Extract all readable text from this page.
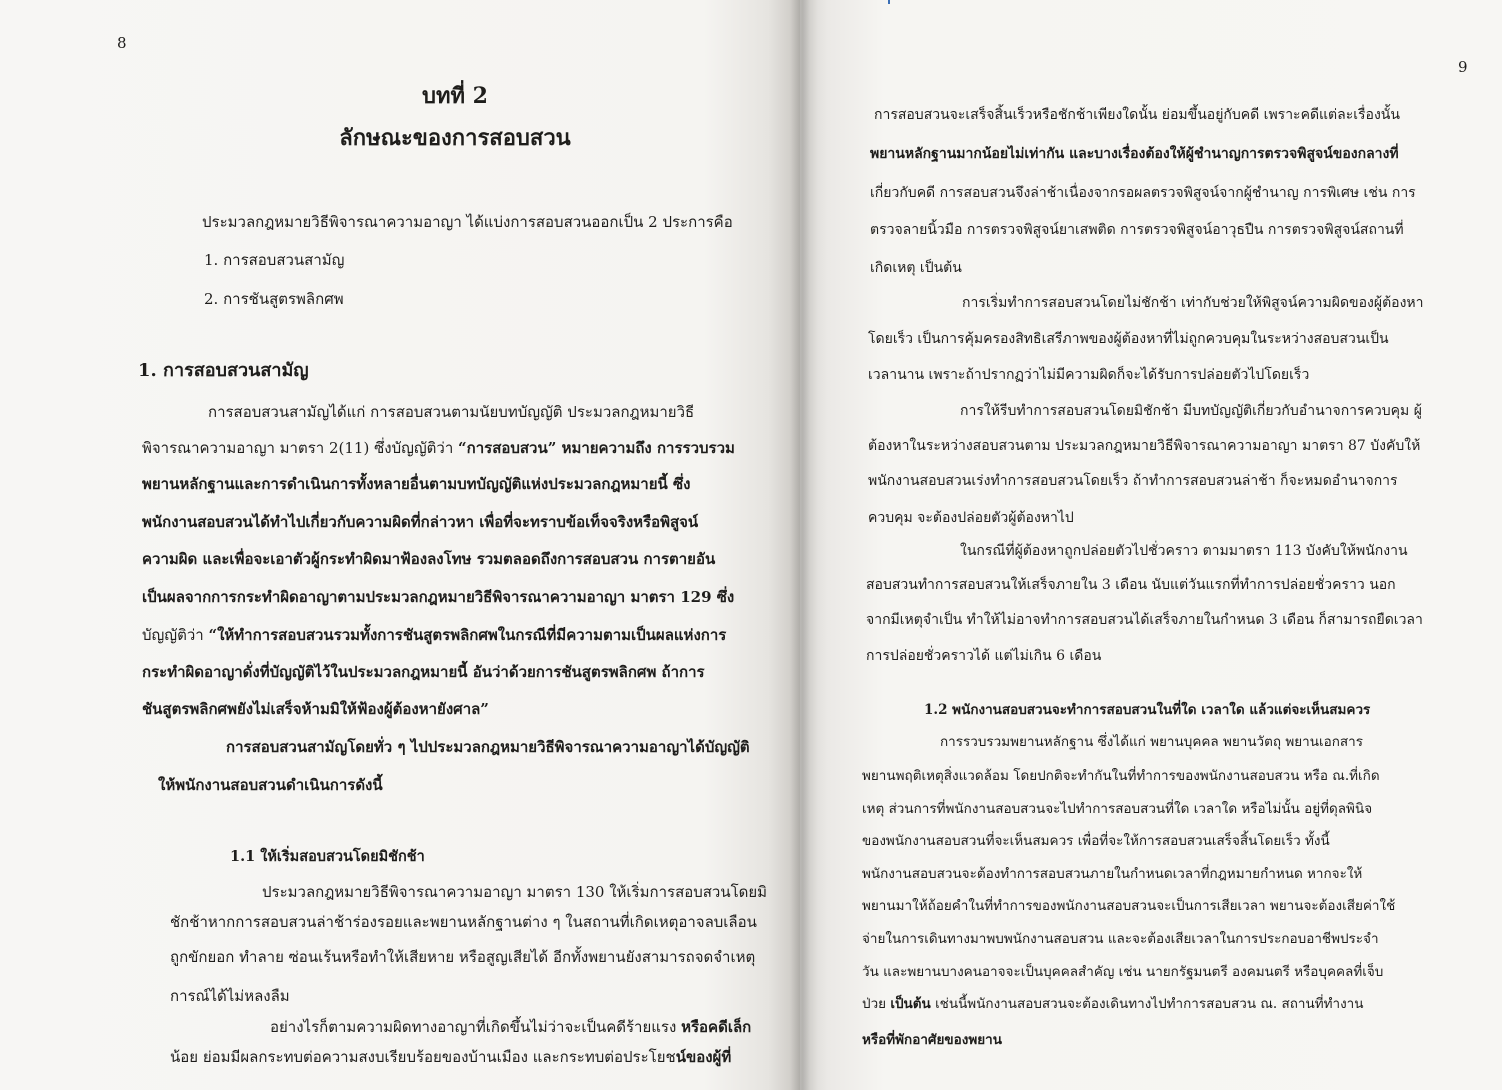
8
บทที่ 2
ลักษณะของการสอบสวน
ประมวลกฎหมายวิธีพิจารณาความอาญา ได้แบ่งการสอบสวนออกเป็น 2 ประการคือ
1. การสอบสวนสามัญ
2. การชันสูตรพลิกศพ
1. การสอบสวนสามัญ
การสอบสวนสามัญได้แก่ การสอบสวนตามนัยบทบัญญัติ ประมวลกฎหมายวิธี
พิจารณาความอาญา มาตรา 2(11) ซึ่งบัญญัติว่า “การสอบสวน” หมายความถึง การรวบรวม
พยานหลักฐานและการดำเนินการทั้งหลายอื่นตามบทบัญญัติแห่งประมวลกฎหมายนี้ ซึ่ง
พนักงานสอบสวนได้ทำไปเกี่ยวกับความผิดที่กล่าวหา เพื่อที่จะทราบข้อเท็จจริงหรือพิสูจน์
ความผิด และเพื่อจะเอาตัวผู้กระทำผิดมาฟ้องลงโทษ รวมตลอดถึงการสอบสวน การตายอัน
เป็นผลจากการกระทำผิดอาญาตามประมวลกฎหมายวิธีพิจารณาความอาญา มาตรา 129 ซึ่ง
บัญญัติว่า “ให้ทำการสอบสวนรวมทั้งการชันสูตรพลิกศพในกรณีที่มีความตามเป็นผลแห่งการ
กระทำผิดอาญาดั่งที่บัญญัติไว้ในประมวลกฎหมายนี้ อันว่าด้วยการชันสูตรพลิกศพ ถ้าการ
ชันสูตรพลิกศพยังไม่เสร็จห้ามมิให้ฟ้องผู้ต้องหายังศาล”
การสอบสวนสามัญโดยทั่ว ๆ ไปประมวลกฎหมายวิธีพิจารณาความอาญาได้บัญญัติ
ให้พนักงานสอบสวนดำเนินการดังนี้
1.1 ให้เริ่มสอบสวนโดยมิชักช้า
ประมวลกฎหมายวิธีพิจารณาความอาญา มาตรา 130 ให้เริ่มการสอบสวนโดยมิ
ชักช้าหากการสอบสวนล่าช้าร่องรอยและพยานหลักฐานต่าง ๆ ในสถานที่เกิดเหตุอาจลบเลือน
ถูกขักยอก ทำลาย ซ่อนเร้นหรือทำให้เสียหาย หรือสูญเสียได้ อีกทั้งพยานยังสามารถจดจำเหตุ
การณ์ได้ไม่หลงลืม
อย่างไรก็ตามความผิดทางอาญาที่เกิดขึ้นไม่ว่าจะเป็นคดีร้ายแรง หรือคดีเล็ก
น้อย ย่อมมีผลกระทบต่อความสงบเรียบร้อยของบ้านเมือง และกระทบต่อประโยชน์ของผู้ที่
9
การสอบสวนจะเสร็จสิ้นเร็วหรือชักช้าเพียงใดนั้น ย่อมขึ้นอยู่กับคดี เพราะคดีแต่ละเรื่องนั้น
พยานหลักฐานมากน้อยไม่เท่ากัน และบางเรื่องต้องให้ผู้ชำนาญการตรวจพิสูจน์ของกลางที่
เกี่ยวกับคดี การสอบสวนจึงล่าช้าเนื่องจากรอผลตรวจพิสูจน์จากผู้ชำนาญ การพิเศษ เช่น การ
ตรวจลายนิ้วมือ การตรวจพิสูจน์ยาเสพติด การตรวจพิสูจน์อาวุธปืน การตรวจพิสูจน์สถานที่
เกิดเหตุ เป็นต้น
การเริ่มทำการสอบสวนโดยไม่ชักช้า เท่ากับช่วยให้พิสูจน์ความผิดของผู้ต้องหา
โดยเร็ว เป็นการคุ้มครองสิทธิเสรีภาพของผู้ต้องหาที่ไม่ถูกควบคุมในระหว่างสอบสวนเป็น
เวลานาน เพราะถ้าปรากฏว่าไม่มีความผิดก็จะได้รับการปล่อยตัวไปโดยเร็ว
การให้รีบทำการสอบสวนโดยมิชักช้า มีบทบัญญัติเกี่ยวกับอำนาจการควบคุม ผู้
ต้องหาในระหว่างสอบสวนตาม ประมวลกฎหมายวิธีพิจารณาความอาญา มาตรา 87 บังคับให้
พนักงานสอบสวนเร่งทำการสอบสวนโดยเร็ว ถ้าทำการสอบสวนล่าช้า ก็จะหมดอำนาจการ
ควบคุม จะต้องปล่อยตัวผู้ต้องหาไป
ในกรณีที่ผู้ต้องหาถูกปล่อยตัวไปชั่วคราว ตามมาตรา 113 บังคับให้พนักงาน
สอบสวนทำการสอบสวนให้เสร็จภายใน 3 เดือน นับแต่วันแรกที่ทำการปล่อยชั่วคราว นอก
จากมีเหตุจำเป็น ทำให้ไม่อาจทำการสอบสวนได้เสร็จภายในกำหนด 3 เดือน ก็สามารถยืดเวลา
การปล่อยชั่วคราวได้ แต่ไม่เกิน 6 เดือน
1.2 พนักงานสอบสวนจะทำการสอบสวนในที่ใด เวลาใด แล้วแต่จะเห็นสมควร
การรวบรวมพยานหลักฐาน ซึ่งได้แก่ พยานบุคคล พยานวัตถุ พยานเอกสาร
พยานพฤติเหตุสิ่งแวดล้อม โดยปกติจะทำกันในที่ทำการของพนักงานสอบสวน หรือ ณ.ที่เกิด
เหตุ ส่วนการที่พนักงานสอบสวนจะไปทำการสอบสวนที่ใด เวลาใด หรือไม่นั้น อยู่ที่ดุลพินิจ
ของพนักงานสอบสวนที่จะเห็นสมควร เพื่อที่จะให้การสอบสวนเสร็จสิ้นโดยเร็ว ทั้งนี้
พนักงานสอบสวนจะต้องทำการสอบสวนภายในกำหนดเวลาที่กฎหมายกำหนด หากจะให้
พยานมาให้ถ้อยคำในที่ทำการของพนักงานสอบสวนจะเป็นการเสียเวลา พยานจะต้องเสียค่าใช้
จ่ายในการเดินทางมาพบพนักงานสอบสวน และจะต้องเสียเวลาในการประกอบอาชีพประจำ
วัน และพยานบางคนอาจจะเป็นบุคคลสำคัญ เช่น นายกรัฐมนตรี องคมนตรี หรือบุคคลที่เจ็บ
ป่วย เป็นต้น เช่นนี้พนักงานสอบสวนจะต้องเดินทางไปทำการสอบสวน ณ. สถานที่ทำงาน
หรือที่พักอาศัยของพยาน
